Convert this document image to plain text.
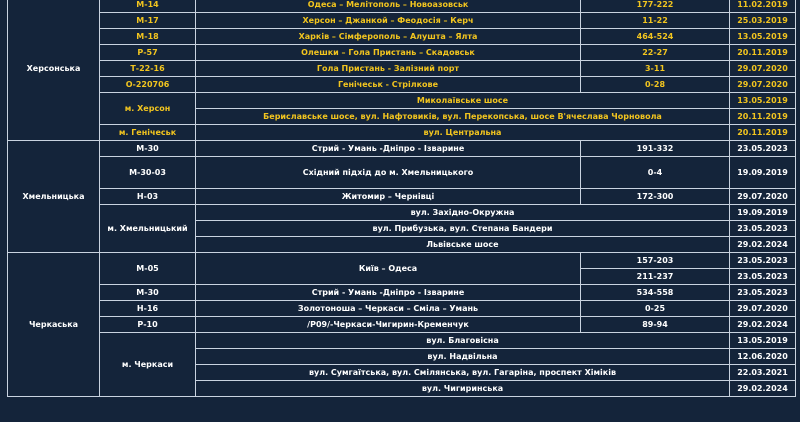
Херсонська	М-14	Одеса – Мелітополь – Новоазовськ	177-222	11.02.2019
	М-17	Херсон – Джанкой – Феодосія – Керч	11-22	25.03.2019
	М-18	Харків – Сімферополь – Алушта – Ялта	464-524	13.05.2019
	Р-57	Олешки – Гола Пристань – Скадовськ	22-27	20.11.2019
	Т-22-16	Гола Пристань - Залізний порт	3-11	29.07.2020
	О-220706	Генічеськ - Стрілкове	0-28	29.07.2020
	м. Херсон	Миколаївське шосе		13.05.2019
		Бериславське шосе, вул. Нафтовиків, вул. Перекопська, шосе В'ячеслава Чорновола		20.11.2019
	м. Генічеськ	вул. Центральна		20.11.2019
Хмельницька	М-30	Стрий - Умань -Дніпро - Ізварине	191-332	23.05.2023
	М-30-03	Східний підхід до м. Хмельницького	0-4	19.09.2019
	Н-03	Житомир – Чернівці	172-300	29.07.2020
	м. Хмельницький	вул. Західно-Окружна		19.09.2019
		вул. Прибузька, вул. Степана Бандери		23.05.2023
		Львівське шосе		29.02.2024
Черкаська	М-05	Київ – Одеса	157-203	23.05.2023
			211-237	23.05.2023
	М-30	Стрий - Умань -Дніпро - Ізварине	534-558	23.05.2023
	Н-16	Золотоноша – Черкаси – Сміла – Умань	0-25	29.07.2020
	Р-10	/Р09/-Черкаси-Чигирин-Кременчук	89-94	29.02.2024
	м. Черкаси	вул. Благовісна		13.05.2019
		вул. Надвільна		12.06.2020
		вул. Сумгаїтська, вул. Смілянська, вул. Гагаріна, проспект Хіміків		22.03.2021
		вул. Чигиринська		29.02.2024
